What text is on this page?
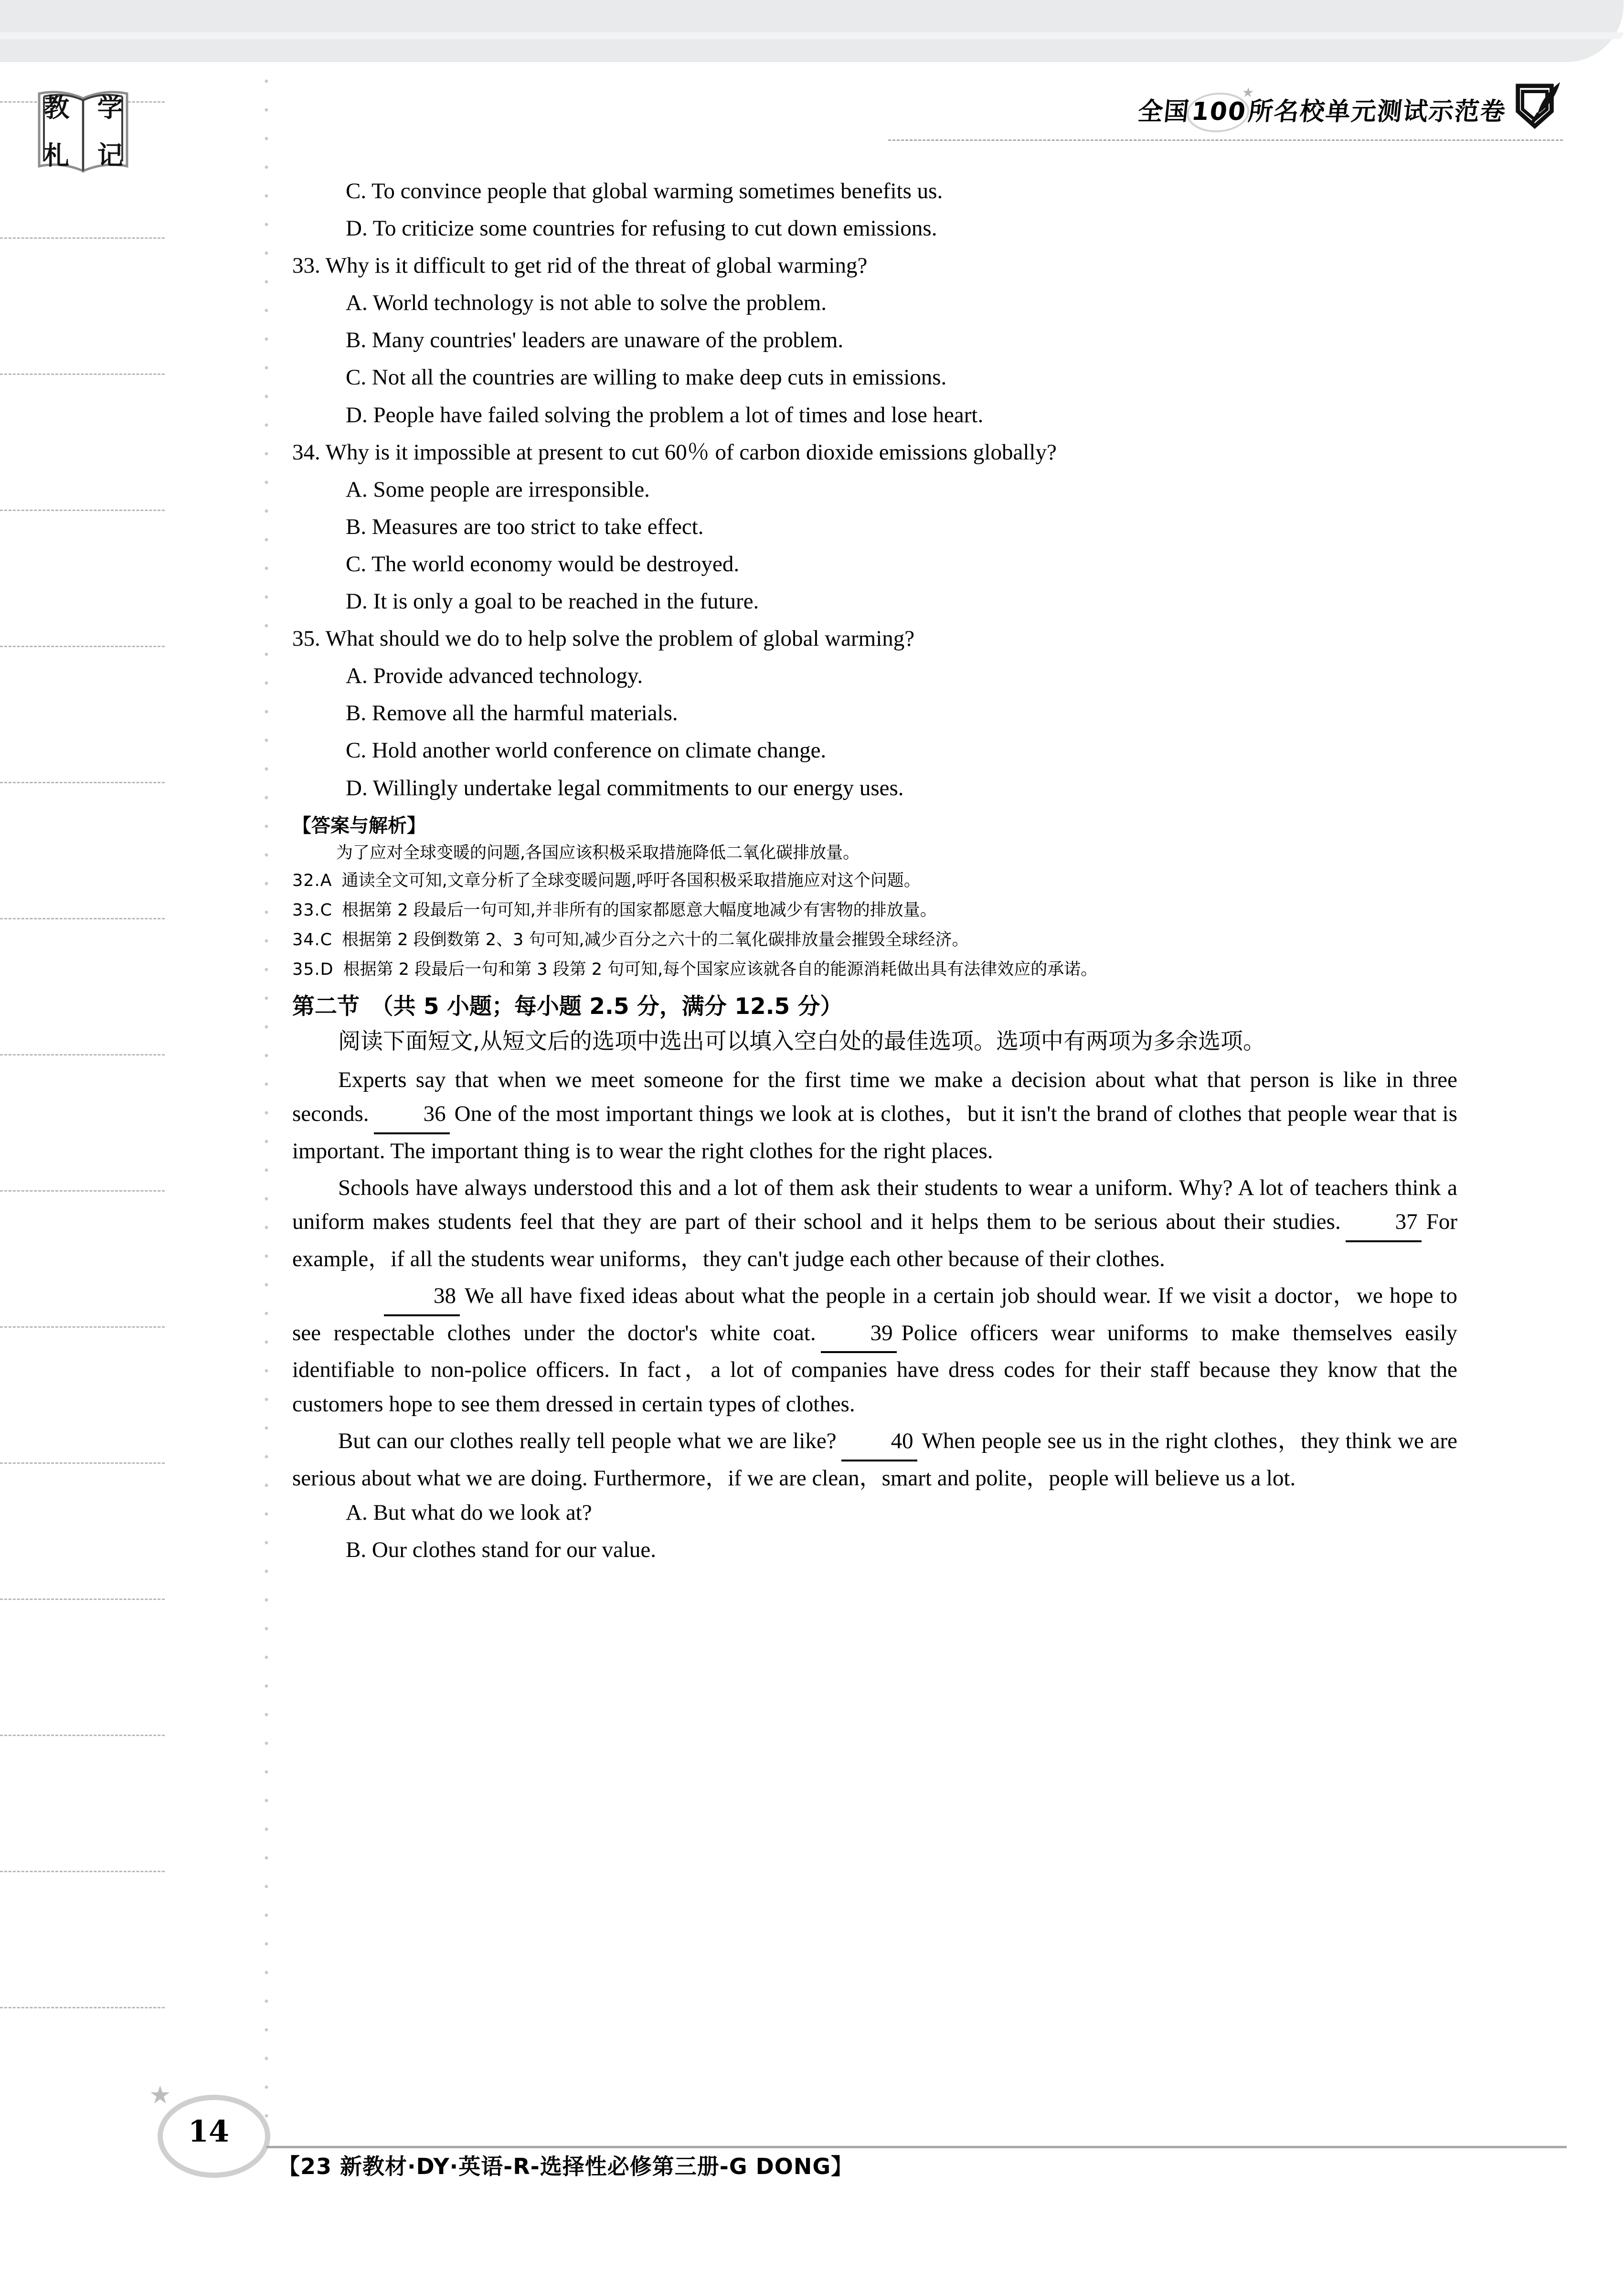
教 学
札 记
全国100
★
所名校单元测试示范卷
C. To convince people that global warming sometimes benefits us.
D. To criticize some countries for refusing to cut down emissions.
33. Why is it difficult to get rid of the threat of global warming?
A. World technology is not able to solve the problem.
B. Many countries' leaders are unaware of the problem.
C. Not all the countries are willing to make deep cuts in emissions.
D. People have failed solving the problem a lot of times and lose heart.
34. Why is it impossible at present to cut 60％ of carbon dioxide emissions globally?
A. Some people are irresponsible.
B. Measures are too strict to take effect.
C. The world economy would be destroyed.
D. It is only a goal to be reached in the future.
35. What should we do to help solve the problem of global warming?
A. Provide advanced technology.
B. Remove all the harmful materials.
C. Hold another world conference on climate change.
D. Willingly undertake legal commitments to our energy uses.
【答案与解析】
为了应对全球变暖的问题,各国应该积极采取措施降低二氧化碳排放量。
32.A 通读全文可知,文章分析了全球变暖问题,呼吁各国积极采取措施应对这个问题。
33.C 根据第 2 段最后一句可知,并非所有的国家都愿意大幅度地减少有害物的排放量。
34.C 根据第 2 段倒数第 2、3 句可知,减少百分之六十的二氧化碳排放量会摧毁全球经济。
35.D 根据第 2 段最后一句和第 3 段第 2 句可知,每个国家应该就各自的能源消耗做出具有法律效应的承诺。
第二节　（共 5 小题；每小题 2.5 分，满分 12.5 分）
阅读下面短文,从短文后的选项中选出可以填入空白处的最佳选项。选项中有两项为多余选项。

Experts say that when we meet someone for the first time we make a decision about what that person is like in three seconds. 36 One of the most important things we look at is clothes，but it isn't the brand of clothes that people wear that is important. The important thing is to wear the right clothes for the right places.

Schools have always understood this and a lot of them ask their students to wear a uniform. Why? A lot of teachers think a uniform makes students feel that they are part of their school and it helps them to be serious about their studies. 37 For example，if all the students wear uniforms，they can't judge each other because of their clothes.

38 We all have fixed ideas about what the people in a certain job should wear. If we visit a doctor，we hope to see respectable clothes under the doctor's white coat. 39 Police officers wear uniforms to make themselves easily identifiable to non-police officers. In fact，a lot of companies have dress codes for their staff because they know that the customers hope to see them dressed in certain types of clothes.

But can our clothes really tell people what we are like? 40 When people see us in the right clothes，they think we are serious about what we are doing. Furthermore，if we are clean，smart and polite，people will believe us a lot.

A. But what do we look at?
B. Our clothes stand for our value.
14
★
【23 新教材·DY·英语-R-选择性必修第三册-G DONG】
